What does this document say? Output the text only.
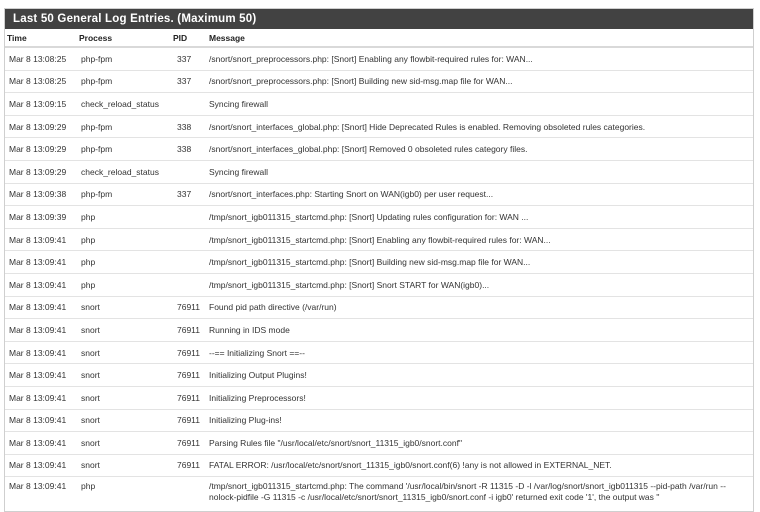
Last 50 General Log Entries. (Maximum 50)
Time	Process	PID	Message
Mar 8 13:08:25	php-fpm	337	/snort/snort_preprocessors.php: [Snort] Enabling any flowbit-required rules for: WAN...
Mar 8 13:08:25	php-fpm	337	/snort/snort_preprocessors.php: [Snort] Building new sid-msg.map file for WAN...
Mar 8 13:09:15	check_reload_status		Syncing firewall
Mar 8 13:09:29	php-fpm	338	/snort/snort_interfaces_global.php: [Snort] Hide Deprecated Rules is enabled. Removing obsoleted rules categories.
Mar 8 13:09:29	php-fpm	338	/snort/snort_interfaces_global.php: [Snort] Removed 0 obsoleted rules category files.
Mar 8 13:09:29	check_reload_status		Syncing firewall
Mar 8 13:09:38	php-fpm	337	/snort/snort_interfaces.php: Starting Snort on WAN(igb0) per user request...
Mar 8 13:09:39	php		/tmp/snort_igb011315_startcmd.php: [Snort] Updating rules configuration for: WAN ...
Mar 8 13:09:41	php		/tmp/snort_igb011315_startcmd.php: [Snort] Enabling any flowbit-required rules for: WAN...
Mar 8 13:09:41	php		/tmp/snort_igb011315_startcmd.php: [Snort] Building new sid-msg.map file for WAN...
Mar 8 13:09:41	php		/tmp/snort_igb011315_startcmd.php: [Snort] Snort START for WAN(igb0)...
Mar 8 13:09:41	snort	76911	Found pid path directive (/var/run)
Mar 8 13:09:41	snort	76911	Running in IDS mode
Mar 8 13:09:41	snort	76911	--== Initializing Snort ==--
Mar 8 13:09:41	snort	76911	Initializing Output Plugins!
Mar 8 13:09:41	snort	76911	Initializing Preprocessors!
Mar 8 13:09:41	snort	76911	Initializing Plug-ins!
Mar 8 13:09:41	snort	76911	Parsing Rules file "/usr/local/etc/snort/snort_11315_igb0/snort.conf"
Mar 8 13:09:41	snort	76911	FATAL ERROR: /usr/local/etc/snort/snort_11315_igb0/snort.conf(6) !any is not allowed in EXTERNAL_NET.
Mar 8 13:09:41	php		/tmp/snort_igb011315_startcmd.php: The command '/usr/local/bin/snort -R 11315 -D -l /var/log/snort/snort_igb011315 --pid-path /var/run --nolock-pidfile -G 11315 -c /usr/local/etc/snort/snort_11315_igb0/snort.conf -i igb0' returned exit code '1', the output was ''
